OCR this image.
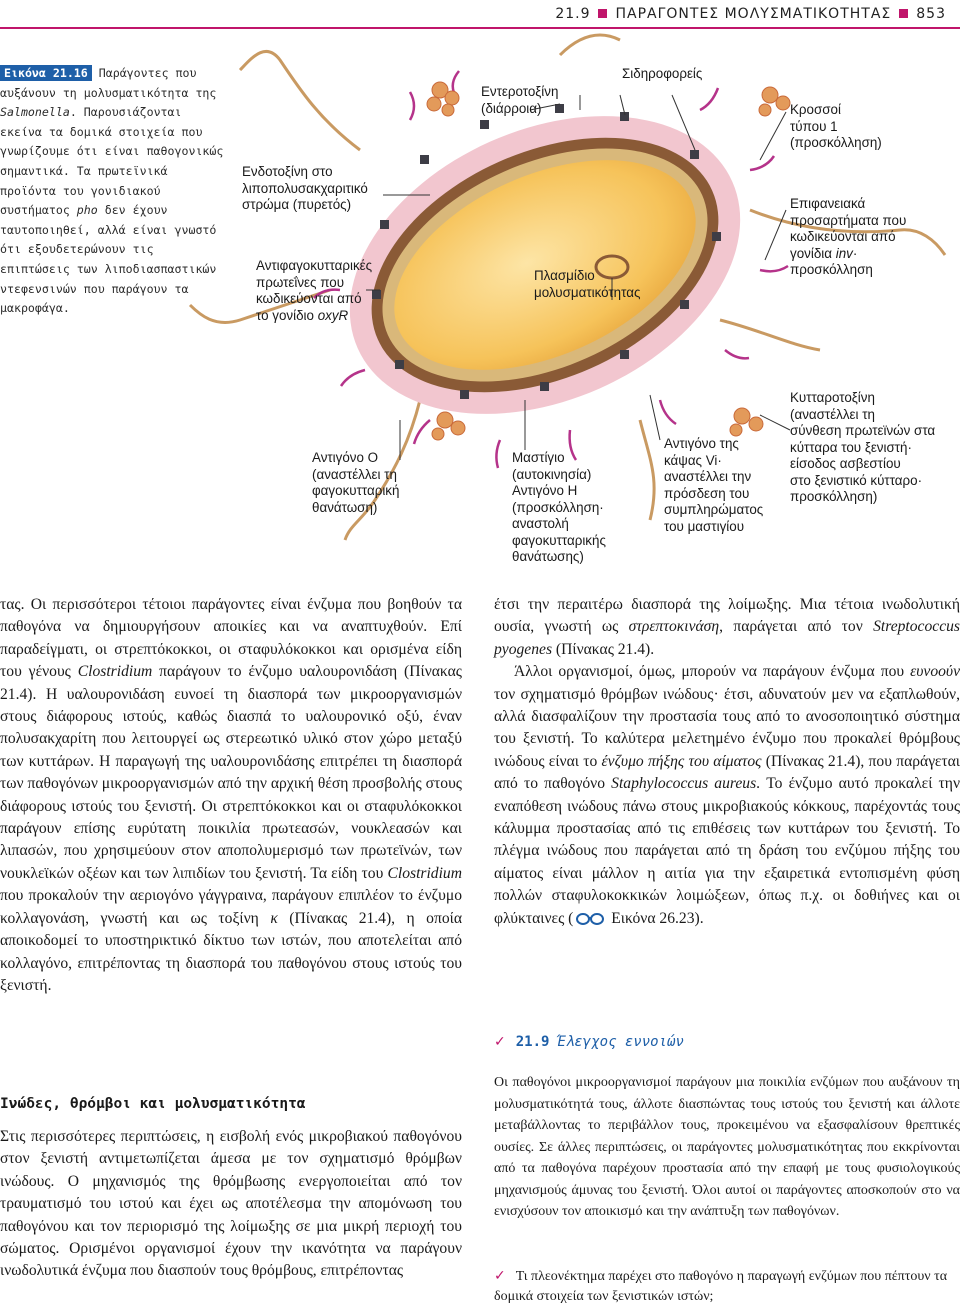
21.9 ΠΑΡΑΓΟΝΤΕΣ ΜΟΛΥΣΜΑΤΙΚΟΤΗΤΑΣ 853
Εικόνα 21.16 Παράγοντες που αυξάνουν τη μολυσματικότητα της Salmonella. Παρουσιάζονται εκείνα τα δομικά στοιχεία που γνωρίζουμε ότι είναι παθογονικώς σημαντικά. Τα πρωτεϊνικά προϊόντα του γονιδιακού συστήματος pho δεν έχουν ταυτοποιηθεί, αλλά είναι γνωστό ότι εξουδετερώνουν τις επιπτώσεις των λιποδιασπαστικών ντεφενσινών που παράγουν τα μακροφάγα.
Ενδοτοξίνη στο
λιποπολυσακχαριτικό
στρώμα (πυρετός)
Αντιφαγοκυτταρικές
πρωτεΐνες που
κωδικεύονται από
το γονίδιο oxyR
Εντεροτοξίνη
(διάρροια)
Σιδηροφορείς
Πλασμίδιο
μολυσματικότητας
Κροσσοί
τύπου 1
(προσκόλληση)
Επιφανειακά
προσαρτήματα που
κωδικεύονται από
γονίδια inv·
προσκόλληση
Αντιγόνο O
(αναστέλλει τη
φαγοκυτταρική
θανάτωση)
Μαστίγιο
(αυτοκινησία)
Αντιγόνο H
(προσκόλληση·
αναστολή
φαγοκυτταρικής
θανάτωσης)
Αντιγόνο της
κάψας Vi·
αναστέλλει την
πρόσδεση του
συμπληρώματος
του μαστιγίου
Κυτταροτοξίνη
(αναστέλλει τη
σύνθεση πρωτεϊνών στα
κύτταρα του ξενιστή·
είσοδος ασβεστίου
στο ξενιστικό κύτταρο·
προσκόλληση)

τας. Οι περισσότεροι τέτοιοι παράγοντες είναι ένζυμα που βοηθούν τα παθογόνα να δημιουργήσουν αποικίες και να αναπτυχθούν. Επί παραδείγματι, οι στρεπτόκοκκοι, οι σταφυλόκοκκοι και ορισμένα είδη του γένους Clostridium παράγουν το ένζυμο υαλουρονιδάση (Πίνακας 21.4). Η υαλουρονιδάση ευνοεί τη διασπορά των μικροοργανισμών στους διάφορους ιστούς, καθώς διασπά το υαλουρονικό οξύ, έναν πολυσακχαρίτη που λειτουργεί ως στερεωτικό υλικό στον χώρο μεταξύ των κυττάρων. Η παραγωγή της υαλουρονιδάσης επιτρέπει τη διασπορά των παθογόνων μικροοργανισμών από την αρχική θέση προσβολής στους διάφορους ιστούς του ξενιστή. Οι στρεπτόκοκκοι και οι σταφυλόκοκκοι παράγουν επίσης ευρύτατη ποικιλία πρωτεασών, νουκλεασών και λιπασών, που χρησιμεύουν στον αποπολυμερισμό των πρωτεϊνών, των νουκλεϊκών οξέων και των λιπιδίων του ξενιστή. Τα είδη του Clostridium που προκαλούν την αεριογόνο γάγγραινα, παράγουν επιπλέον το ένζυμο κολλαγονάση, γνωστή και ως τοξίνη κ (Πίνακας 21.4), η οποία αποικοδομεί το υποστηρικτικό δίκτυο των ιστών, που αποτελείται από κολλαγόνο, επιτρέποντας τη διασπορά του παθογόνου στους ιστούς του ξενιστή.

Ινώδες, θρόμβοι και μολυσματικότητα

Στις περισσότερες περιπτώσεις, η εισβολή ενός μικροβιακού παθογόνου στον ξενιστή αντιμετωπίζεται άμεσα με τον σχηματισμό θρόμβων ινώδους. Ο μηχανισμός της θρόμβωσης ενεργοποιείται από τον τραυματισμό του ιστού και έχει ως αποτέλεσμα την απομόνωση του παθογόνου και τον περιορισμό της λοίμωξης σε μια μικρή περιοχή του σώματος. Ορισμένοι οργανισμοί έχουν την ικανότητα να παράγουν ινωδολυτικά ένζυμα που διασπούν τους θρόμβους, επιτρέποντας

έτσι την περαιτέρω διασπορά της λοίμωξης. Μια τέτοια ινωδολυτική ουσία, γνωστή ως στρεπτοκινάση, παράγεται από τον Streptococcus pyogenes (Πίνακας 21.4).

Άλλοι οργανισμοί, όμως, μπορούν να παράγουν ένζυμα που ευνοούν τον σχηματισμό θρόμβων ινώδους· έτσι, αδυνατούν μεν να εξαπλωθούν, αλλά διασφαλίζουν την προστασία τους από το ανοσοποιητικό σύστημα του ξενιστή. Το καλύτερα μελετημένο ένζυμο που προκαλεί θρόμβους ινώδους είναι το ένζυμο πήξης του αίματος (Πίνακας 21.4), που παράγεται από το παθογόνο Staphylococcus aureus. Το ένζυμο αυτό προκαλεί την εναπόθεση ινώδους πάνω στους μικροβιακούς κόκκους, παρέχοντάς τους κάλυμμα προστασίας από τις επιθέσεις των κυττάρων του ξενιστή. Το πλέγμα ινώδους που παράγεται από τη δράση του ενζύμου πήξης του αίματος είναι μάλλον η αιτία για την εξαιρετικά εντοπισμένη φύση πολλών σταφυλοκοκκικών λοιμώξεων, όπως π.χ. οι δοθιήνες και οι φλύκταινες ( Εικόνα 26.23).

✓ 21.9 Έλεγχος εννοιών
Οι παθογόνοι μικροοργανισμοί παράγουν μια ποικιλία ενζύμων που αυξάνουν τη μολυσματικότητά τους, άλλοτε διασπώντας τους ιστούς του ξενιστή και άλλοτε μεταβάλλοντας το περιβάλλον τους, προκειμένου να εξασφαλίσουν θρεπτικές ουσίες. Σε άλλες περιπτώσεις, οι παράγοντες μολυσματικότητας που εκκρίνονται από τα παθογόνα παρέχουν προστασία από την επαφή με τους φυσιολογικούς μηχανισμούς άμυνας του ξενιστή. Όλοι αυτοί οι παράγοντες αποσκοπούν στο να ενισχύσουν τον αποικισμό και την ανάπτυξη των παθογόνων.
✓ Τι πλεονέκτημα παρέχει στο παθογόνο η παραγωγή ενζύμων που πέπτουν τα δομικά στοιχεία των ξενιστικών ιστών;
